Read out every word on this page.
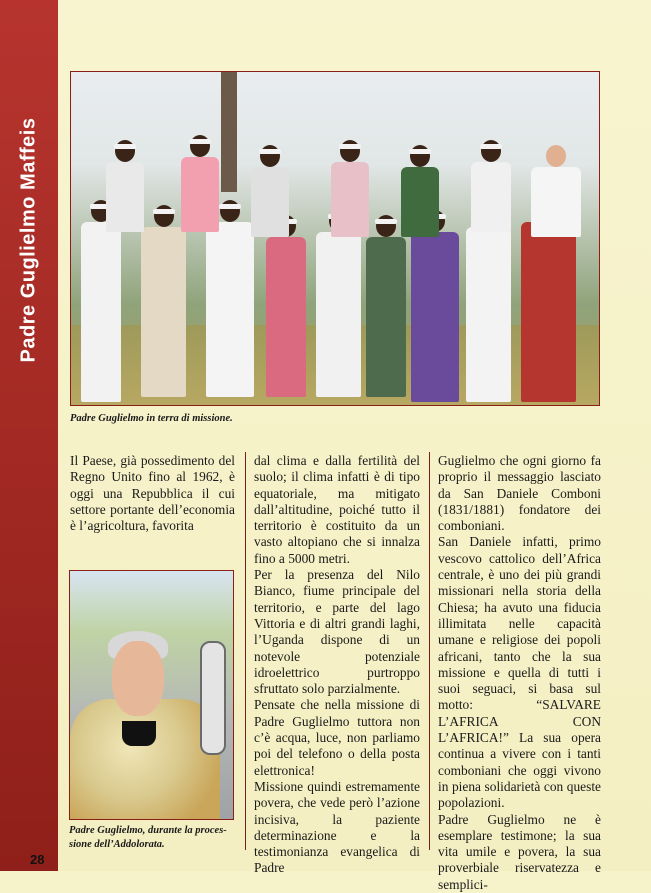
Padre Guglielmo Maffeis
Padre Guglielmo in terra di missione.
Padre Guglielmo, durante la proces-
sione dell’Addolorata.

Il Paese, già possedimento del Regno Unito fino al 1962, è oggi una Repubblica il cui settore portante dell’economia è l’agricoltura, favorita

dal clima e dalla fertilità del suolo; il clima infatti è di tipo equatoriale, ma mitigato dall’altitudine, poiché tutto il territorio è costituito da un vasto altopiano che si innalza fino a 5000 metri.

Per la presenza del Nilo Bianco, fiume principale del territorio, e parte del lago Vittoria e di altri grandi laghi, l’Uganda dispone di un notevole potenziale idroelettrico purtroppo sfruttato solo parzialmente.

Pensate che nella missione di Padre Guglielmo tuttora non c’è acqua, luce, non parliamo poi del telefono o della posta elettronica!

Missione quindi estremamente povera, che vede però l’azione incisiva, la paziente determinazione e la testimonianza evangelica di Padre

Guglielmo che ogni giorno fa proprio il messaggio lasciato da San Daniele Comboni (1831/1881) fondatore dei comboniani.

San Daniele infatti, primo vescovo cattolico dell’Africa centrale, è uno dei più grandi missionari nella storia della Chiesa; ha avuto una fiducia illimitata nelle capacità umane e religiose dei popoli africani, tanto che la sua missione e quella di tutti i suoi seguaci, si basa sul motto: “SALVARE L’AFRICA CON L’AFRICA!” La sua opera continua a vivere con i tanti comboniani che oggi vivono in piena solidarietà con queste popolazioni.

Padre Guglielmo ne è esemplare testimone; la sua vita umile e povera, la sua proverbiale riservatezza e semplici-

28
